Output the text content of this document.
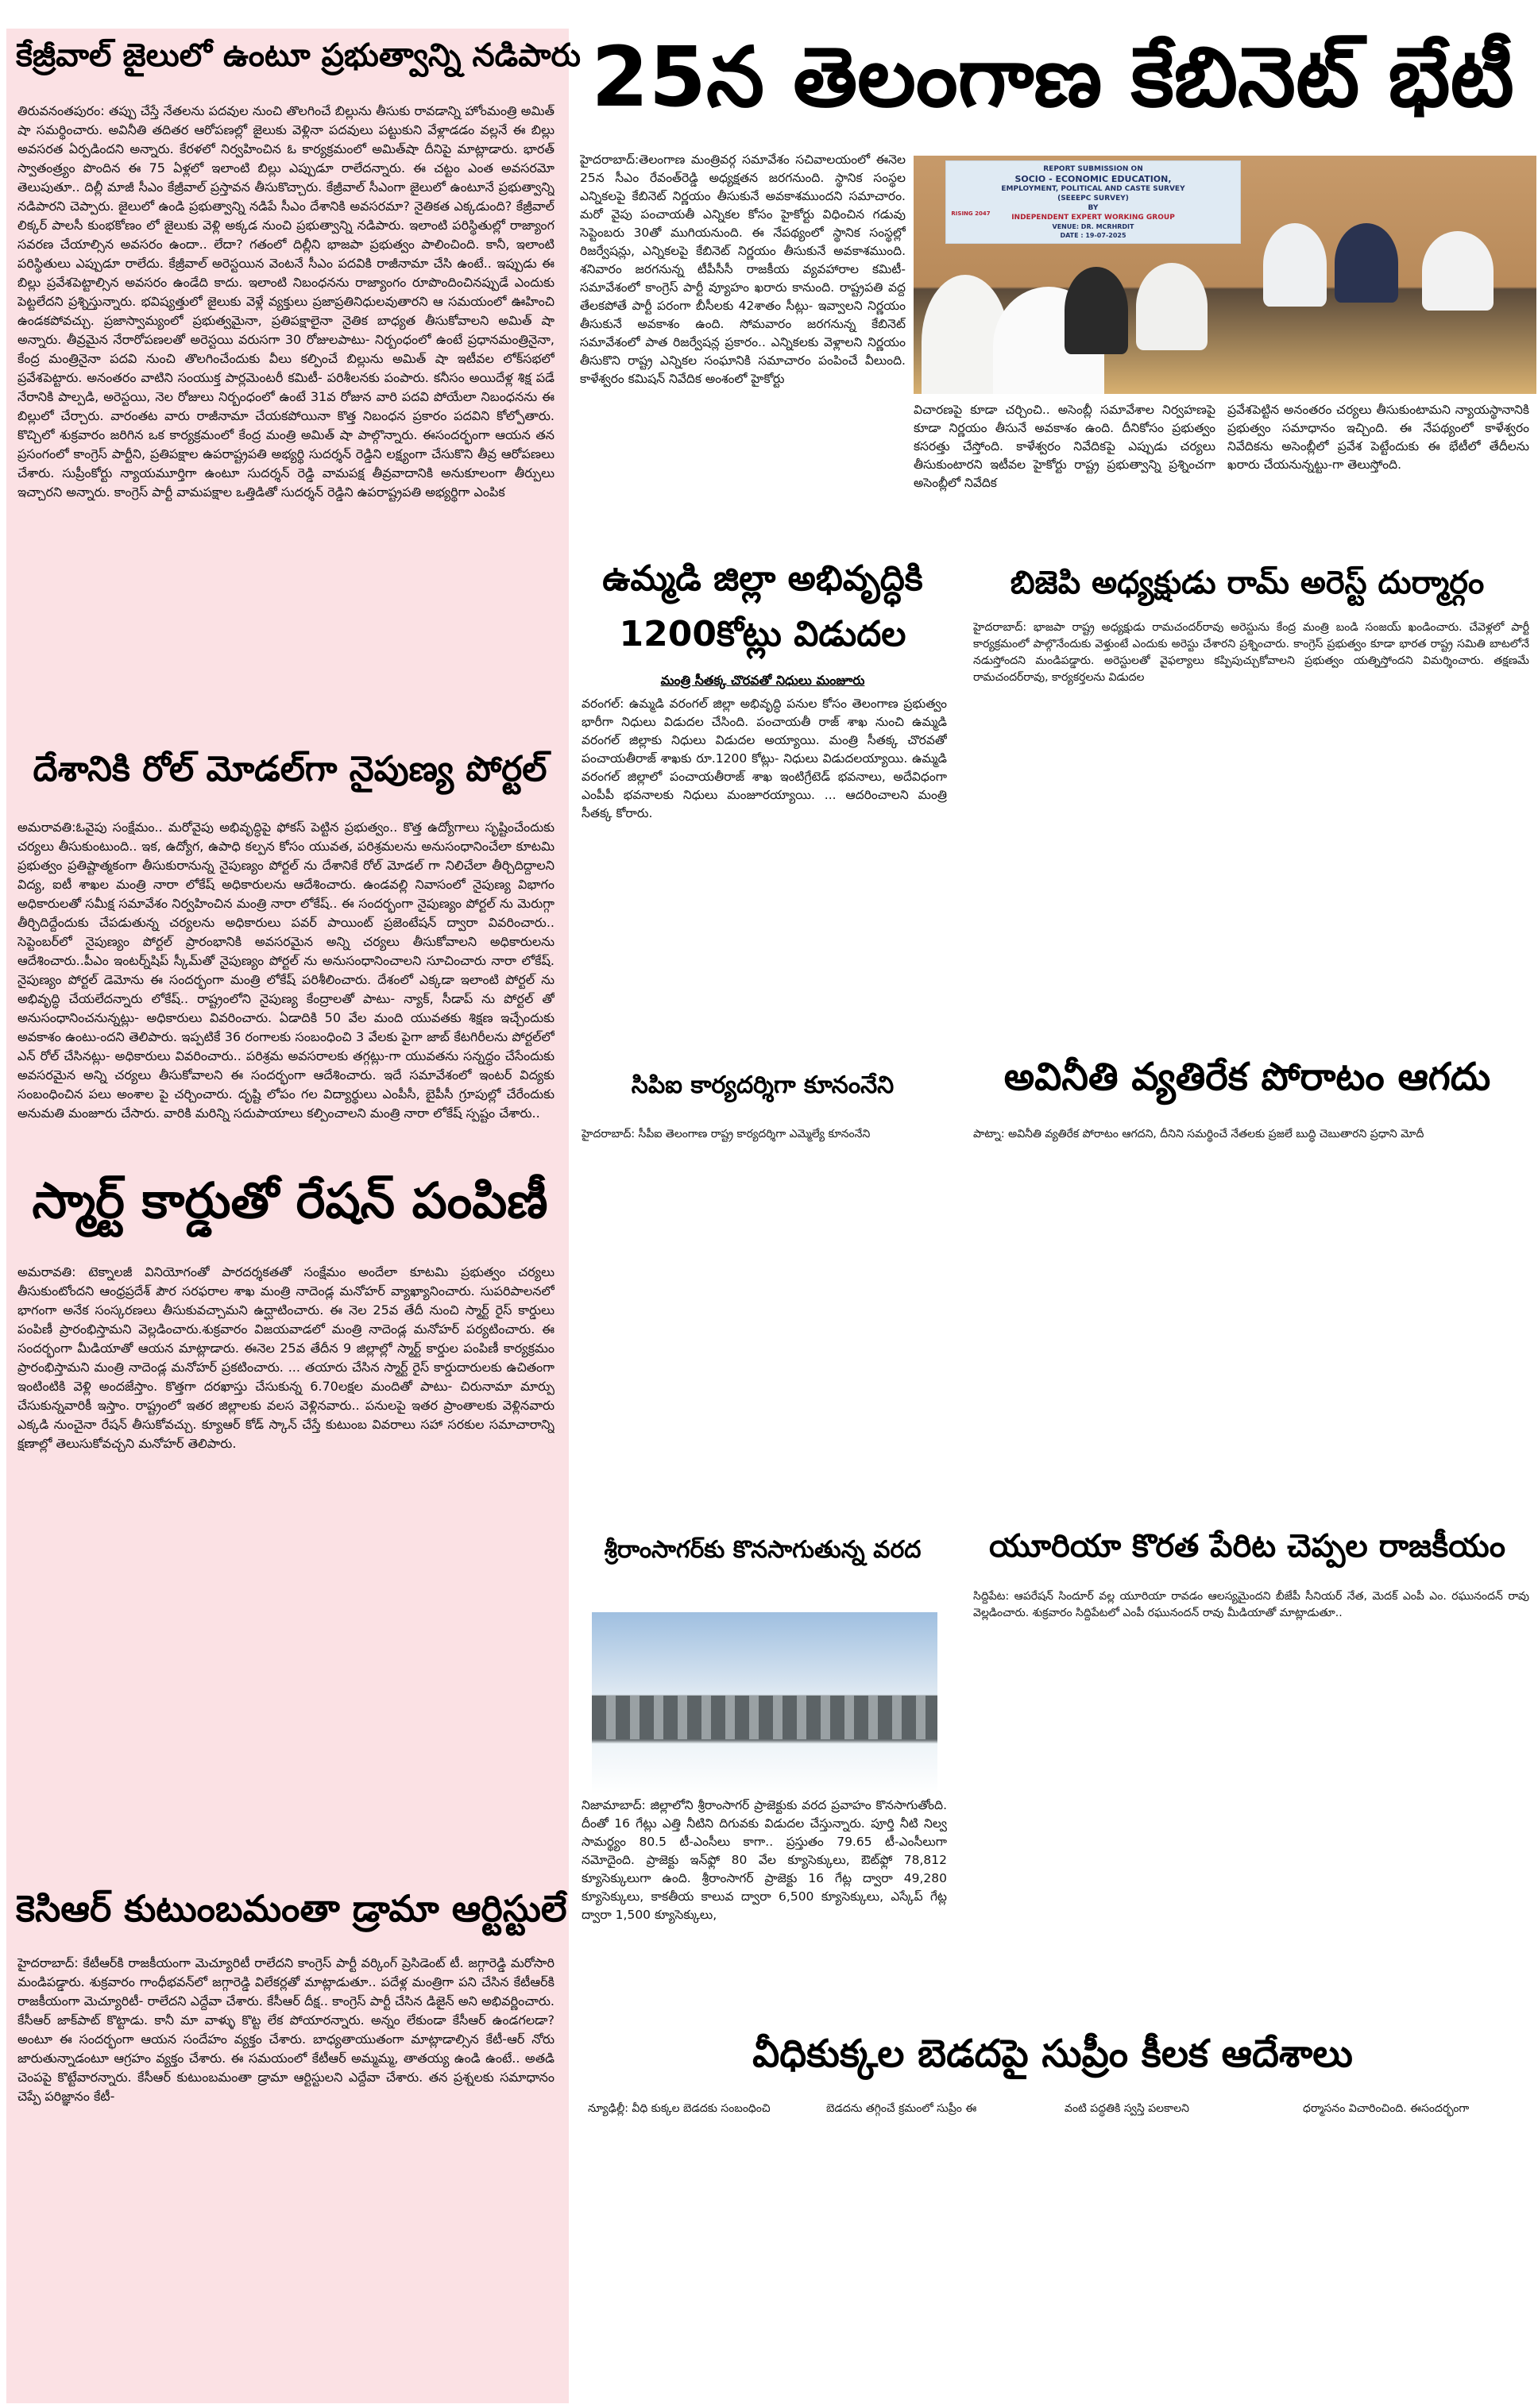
కేజ్రీవాల్ జైలులో ఉంటూ ప్రభుత్వాన్ని నడిపారు
తిరువనంతపురం: తప్పు చేస్తే నేతలను పదవుల నుంచి తొలగించే బిల్లును తీసుకు రావడాన్ని హోంమంత్రి అమిత్ షా సమర్థించారు. అవినీతి తదితర ఆరోపణల్లో జైలుకు వెళ్లినా పదవులు పట్టుకుని వేళ్లాడడం వల్లనే ఈ బిల్లు అవసరత ఏర్పడిందని అన్నారు. కేరళలో నిర్వహించిన ఓ కార్యక్రమంలో అమిత్‌షా దీనిపై మాట్లాడారు. భారత్ స్వాతంత్ర్యం పొందిన ఈ 75 ఏళ్లలో ఇలాంటి బిల్లు ఎప్పుడూ రాలేదన్నారు. ఈ చట్టం ఎంత అవసరమో తెలుపుతూ.. దిల్లీ మాజీ సీఎం కేజ్రీవాల్ ప్రస్తావన తీసుకొచ్చారు. కేజ్రీవాల్ సీఎంగా జైలులో ఉంటూనే ప్రభుత్వాన్ని నడిపారని చెప్పారు. జైలులో ఉండి ప్రభుత్వాన్ని నడిపే సీఎం దేశానికి అవసరమా? నైతికత ఎక్కడుంది? కేజ్రీవాల్ లిక్కర్ పాలసీ కుంభకోణం లో జైలుకు వెళ్లి అక్కడ నుంచి ప్రభుత్వాన్ని నడిపారు. ఇలాంటి పరిస్థితుల్లో రాజ్యాంగ సవరణ చేయాల్సిన అవసరం ఉందా.. లేదా? గతంలో దిల్లీని భాజపా ప్రభుత్వం పాలించింది. కానీ, ఇలాంటి పరిస్థితులు ఎప్పుడూ రాలేదు. కేజ్రీవాల్ అరెస్టయిన వెంటనే సీఎం పదవికి రాజీనామా చేసి ఉంటే.. ఇప్పుడు ఈ బిల్లు ప్రవేశపెట్టాల్సిన అవసరం ఉండేది కాదు. ఇలాంటి నిబంధనను రాజ్యాంగం రూపొందించినప్పుడే ఎందుకు పెట్టలేదని ప్రశ్నిస్తున్నారు. భవిష్యత్తులో జైలుకు వెళ్లే వ్యక్తులు ప్రజాప్రతినిధులవుతారని ఆ సమయంలో ఊహించి ఉండకపోవచ్చు. ప్రజాస్వామ్యంలో ప్రభుత్వమైనా, ప్రతిపక్షాలైనా నైతిక బాధ్యత తీసుకోవాలని అమిత్ షా అన్నారు. తీవ్రమైన నేరారోపణలతో అరెస్టయి వరుసగా 30 రోజులపాటు- నిర్బంధంలో ఉంటే ప్రధానమంత్రినైనా, కేంద్ర మంత్రినైనా పదవి నుంచి తొలగించేందుకు వీలు కల్పించే బిల్లును అమిత్ షా ఇటీవల లోక్‌సభలో ప్రవేశపెట్టారు. అనంతరం వాటిని సంయుక్త పార్లమెంటరీ కమిటీ- పరిశీలనకు పంపారు. కనీసం అయిదేళ్ల శిక్ష పడే నేరానికి పాల్పడి, అరెస్టయి, నెల రోజులు నిర్బంధంలో ఉంటే 31వ రోజున వారి పదవి పోయేలా నిబంధనను ఈ బిల్లులో చేర్చారు. వారంతట వారు రాజీనామా చేయకపోయినా కొత్త నిబంధన ప్రకారం పదవిని కోల్పోతారు. కొచ్చిలో శుక్రవారం జరిగిన ఒక కార్యక్రమంలో కేంద్ర మంత్రి అమిత్ షా పాల్గొన్నారు. ఈసందర్భంగా ఆయన తన ప్రసంగంలో కాంగ్రెస్ పార్టీని, ప్రతిపక్షాల ఉపరాష్ట్రపతి అభ్యర్థి సుదర్శన్ రెడ్డిని లక్ష్యంగా చేసుకొని తీవ్ర ఆరోపణలు చేశారు. సుప్రీంకోర్టు న్యాయమూర్తిగా ఉంటూ సుదర్శన్ రెడ్డి వామపక్ష తీవ్రవాదానికి అనుకూలంగా తీర్పులు ఇచ్చారని అన్నారు. కాంగ్రెస్ పార్టీ వామపక్షాల ఒత్తిడితో సుదర్శన్ రెడ్డిని ఉపరాష్ట్రపతి అభ్యర్థిగా ఎంపిక
దేశానికి రోల్ మోడల్‌గా నైపుణ్య పోర్టల్
అమరావతి:ఓవైపు సంక్షేమం.. మరోవైపు అభివృద్ధిపై ఫోకస్ పెట్టిన ప్రభుత్వం.. కొత్త ఉద్యోగాలు సృష్టించేందుకు చర్యలు తీసుకుంటుంది.. ఇక, ఉద్యోగ, ఉపాధి కల్పన కోసం యువత, పరిశ్రమలను అనుసంధానించేలా కూటమి ప్రభుత్వం ప్రతిష్టాత్మకంగా తీసుకురానున్న నైపుణ్యం పోర్టల్ ను దేశానికే రోల్ మోడల్ గా నిలిచేలా తీర్చిదిద్దాలని విద్య, ఐటీ శాఖల మంత్రి నారా లోకేష్ అధికారులను ఆదేశించారు. ఉండవల్లి నివాసంలో నైపుణ్య విభాగం అధికారులతో సమీక్ష సమావేశం నిర్వహించిన మంత్రి నారా లోకేష్.. ఈ సందర్భంగా నైపుణ్యం పోర్టల్ ను మెరుగ్గా తీర్చిదిద్దేందుకు చేపడుతున్న చర్యలను అధికారులు పవర్ పాయింట్ ప్రజెంటేషన్ ద్వారా వివరించారు.. సెప్టెంబర్‌లో నైపుణ్యం పోర్టల్ ప్రారంభానికి అవసరమైన అన్ని చర్యలు తీసుకోవాలని అధికారులను ఆదేశించారు..పీఎం ఇంటర్న్‌షిప్ స్కీమ్‌తో నైపుణ్యం పోర్టల్ ను అనుసంధానించాలని సూచించారు నారా లోకేష్. నైపుణ్యం పోర్టల్ డెమోను ఈ సందర్భంగా మంత్రి లోకేష్ పరిశీలించారు. దేశంలో ఎక్కడా ఇలాంటి పోర్టల్ ను అభివృద్ధి చేయలేదన్నారు లోకేష్.. రాష్ట్రంలోని నైపుణ్య కేంద్రాలతో పాటు- న్యాక్, సీడాప్ ను పోర్టల్ తో అనుసంధానించనున్నట్లు- అధికారులు వివరించారు. ఏడాదికి 50 వేల మంది యువతకు శిక్షణ ఇచ్చేందుకు అవకాశం ఉంటు-ందని తెలిపారు. ఇప్పటికే 36 రంగాలకు సంబంధించి 3 వేలకు పైగా జాబ్ కేటగిరీలను పోర్టల్‌లో ఎన్ రోల్ చేసినట్లు- అధికారులు వివరించారు.. పరిశ్రమ అవసరాలకు తగ్గట్లు-గా యువతను సన్నద్ధం చేసేందుకు అవసరమైన అన్ని చర్యలు తీసుకోవాలని ఈ సందర్భంగా ఆదేశించారు. ఇదే సమావేశంలో ఇంటర్ విద్యకు సంబంధించిన పలు అంశాల పై చర్చించారు. దృష్టి లోపం గల విద్యార్థులు ఎంపీసీ, బైపీసీ గ్రూపుల్లో చేరేందుకు అనుమతి మంజూరు చేసారు. వారికి మరిన్ని సదుపాయాలు కల్పించాలని మంత్రి నారా లోకేష్ స్పష్టం చేశారు..
స్మార్ట్ కార్డుతో రేషన్ పంపిణీ
అమరావతి: టెక్నాలజీ వినియోగంతో పారదర్శకతతో సంక్షేమం అందేలా కూటమి ప్రభుత్వం చర్యలు తీసుకుంటోందని ఆంధ్రప్రదేశ్ పౌర సరఫరాల శాఖ మంత్రి నాదెండ్ల మనోహర్ వ్యాఖ్యానించారు. సుపరిపాలనలో భాగంగా అనేక సంస్కరణలు తీసుకువచ్చామని ఉద్ఘాటించారు. ఈ నెల 25వ తేదీ నుంచి స్మార్ట్ రైస్ కార్డులు పంపిణీ ప్రారంభిస్తామని వెల్లడించారు.శుక్రవారం విజయవాడలో మంత్రి నాదెండ్ల మనోహర్ పర్యటించారు. ఈ సందర్భంగా మీడియాతో ఆయన మాట్లాడారు. ఈనెల 25వ తేదీన 9 జిల్లాల్లో స్మార్ట్ కార్డుల పంపిణీ కార్యక్రమం ప్రారంభిస్తామని మంత్రి నాదెండ్ల మనోహర్ ప్రకటించారు. ... తయారు చేసిన స్మార్ట్ రైస్ కార్డుదారులకు ఉచితంగా ఇంటింటికి వెళ్లి అందజేస్తాం. కొత్తగా దరఖాస్తు చేసుకున్న 6.70లక్షల మందితో పాటు- చిరునామా మార్పు చేసుకున్నవారికీ ఇస్తాం. రాష్ట్రంలో ఇతర జిల్లాలకు వలస వెళ్లినవారు.. పనులపై ఇతర ప్రాంతాలకు వెళ్లినవారు ఎక్కడి నుంచైనా రేషన్ తీసుకోవచ్చు. క్యూఆర్ కోడ్ స్కాన్ చేస్తే కుటుంబ వివరాలు సహా సరకుల సమాచారాన్ని క్షణాల్లో తెలుసుకోవచ్చని మనోహర్ తెలిపారు.
కెసిఆర్ కుటుంబమంతా డ్రామా ఆర్టిస్టులే
హైదరాబాద్: కేటీఆర్‌కి రాజకీయంగా మెచ్యూరిటీ రాలేదని కాంగ్రెస్ పార్టీ వర్కింగ్ ప్రెసిడెంట్ టీ. జగ్గారెడ్డి మరోసారి మండిపడ్డారు. శుక్రవారం గాంధీభవన్‌లో జగ్గారెడ్డి విలేకర్లతో మాట్లాడుతూ.. పదేళ్ల మంత్రిగా పని చేసిన కేటీఆర్‌కి రాజకీయంగా మెచ్యూరిటీ- రాలేదని ఎద్దేవా చేశారు. కేసీఆర్ దీక్ష.. కాంగ్రెస్ పార్టీ చేసిన డిజైన్ అని అభివర్ణించారు. కేసీఆర్ జాక్‌పాట్ కొట్టాడు. కానీ మా వాళ్ళు కొట్ట లేక పోయారన్నారు. అన్నం లేకుండా కేసీఆర్ ఉండగలడా? అంటూ ఈ సందర్భంగా ఆయన సందేహం వ్యక్తం చేశారు. బాధ్యతాయుతంగా మాట్లాడాల్సిన కేటీ-ఆర్ నోరు జారుతున్నాడంటూ ఆగ్రహం వ్యక్తం చేశారు. ఈ సమయంలో కేటీఆర్ అమ్మమ్మ, తాతయ్య ఉండి ఉంటే.. అతడి చెంపపై కొట్టేవారన్నారు. కేసీఆర్ కుటుంబమంతా డ్రామా ఆర్టిస్టులని ఎద్దేవా చేశారు. తన ప్రశ్నలకు సమాధానం చెప్పే పరిజ్ఞానం కేటీ-
25న తెలంగాణ కేబినెట్ భేటీ
హైదరాబాద్:తెలంగాణ మంత్రివర్గ సమావేశం సచివాలయంలో ఈనెల 25న సీఎం రేవంత్‌రెడ్డి అధ్యక్షతన జరగనుంది. స్థానిక సంస్థల ఎన్నికలపై కేబినెట్ నిర్ణయం తీసుకునే అవకాశముందని సమాచారం. మరో వైపు పంచాయతీ ఎన్నికల కోసం హైకోర్టు విధించిన గడువు సెప్టెంబరు 30తో ముగియనుంది. ఈ నేపథ్యంలో స్థానిక సంస్థల్లో రిజర్వేషన్లు, ఎన్నికలపై కేబినెట్ నిర్ణయం తీసుకునే అవకాశముంది. శనివారం జరగనున్న టీపీసీసీ రాజకీయ వ్యవహారాల కమిటీ- సమావేశంలో కాంగ్రెస్ పార్టీ వ్యూహం ఖరారు కానుంది. రాష్ట్రపతి వద్ద తేలకపోతే పార్టీ పరంగా బీసీలకు 42శాతం సీట్లు- ఇవ్వాలని నిర్ణయం తీసుకునే అవకాశం ఉంది. సోమవారం జరగనున్న కేబినెట్ సమావేశంలో పాత రిజర్వేషన్ల ప్రకారం.. ఎన్నికలకు వెళ్లాలని నిర్ణయం తీసుకొని రాష్ట్ర ఎన్నికల సంఘానికి సమాచారం పంపించే వీలుంది. కాళేశ్వరం కమిషన్ నివేదిక అంశంలో హైకోర్టు
REPORT SUBMISSION ON
SOCIO - ECONOMIC EDUCATION,
EMPLOYMENT, POLITICAL AND CASTE SURVEY
(SEEEPC SURVEY)
BY
INDEPENDENT EXPERT WORKING GROUP
VENUE: DR. MCRHRDIT
DATE : 19-07-2025
RISING 2047
విచారణపై కూడా చర్చించి.. అసెంబ్లీ సమావేశాల నిర్వహణపై కూడా నిర్ణయం తీసునే అవకాశం ఉంది. దీనికోసం ప్రభుత్వం కసరత్తు చేస్తోంది. కాళేశ్వరం నివేదికపై ఎప్పుడు చర్యలు తీసుకుంటారని ఇటీవల హైకోర్టు రాష్ట్ర ప్రభుత్వాన్ని ప్రశ్నించగా అసెంబ్లీలో నివేదిక
ప్రవేశపెట్టిన అనంతరం చర్యలు తీసుకుంటామని న్యాయస్థానానికి ప్రభుత్వం సమాధానం ఇచ్చింది. ఈ నేపథ్యంలో కాళేశ్వరం నివేదికను అసెంబ్లీలో ప్రవేశ పెట్టేందుకు ఈ భేటీలో తేదీలను ఖరారు చేయనున్నట్టు-గా తెలుస్తోంది.
ఉమ్మడి జిల్లా అభివృద్ధికి
1200కోట్లు విడుదల
మంత్రి సీతక్క చొరవతో నిధులు మంజూరు
వరంగల్: ఉమ్మడి వరంగల్ జిల్లా అభివృద్ధి పనుల కోసం తెలంగాణ ప్రభుత్వం భారీగా నిధులు విడుదల చేసింది. పంచాయతీ రాజ్ శాఖ నుంచి ఉమ్మడి వరంగల్ జిల్లాకు నిధులు విడుదల అయ్యాయి. మంత్రి సీతక్క చొరవతో పంచాయతీరాజ్ శాఖకు రూ.1200 కోట్లు- నిధులు విడుదలయ్యాయి. ఉమ్మడి వరంగల్ జిల్లాలో పంచాయతీరాజ్ శాఖ ఇంటిగ్రేటెడ్ భవనాలు, అదేవిధంగా ఎంపీపీ భవనాలకు నిధులు మంజూరయ్యాయి. ... ఆదరించాలని మంత్రి సీతక్క కోరారు.
బిజెపి అధ్యక్షుడు రామ్ అరెస్ట్ దుర్మార్గం
హైదరాబాద్: భాజపా రాష్ట్ర అధ్యక్షుడు రామచందర్‌రావు అరెస్టును కేంద్ర మంత్రి బండి సంజయ్ ఖండించారు. చేవెళ్లలో పార్టీ కార్యక్రమంలో పాల్గొనేందుకు వెళ్తుంటే ఎందుకు అరెస్టు చేశారని ప్రశ్నించారు. కాంగ్రెస్ ప్రభుత్వం కూడా భారత రాష్ట్ర సమితి బాటలోనే నడుస్తోందని మండిపడ్డారు. అరెస్టులతో వైఫల్యాలు కప్పిపుచ్చుకోవాలని ప్రభుత్వం యత్నిస్తోందని విమర్శించారు. తక్షణమే రామచందర్‌రావు, కార్యకర్తలను విడుదల
సిపిఐ కార్యదర్శిగా కూనంనేని
హైదరాబాద్: సీపీఐ తెలంగాణ రాష్ట్ర కార్యదర్శిగా ఎమ్మెల్యే కూనంనేని
అవినీతి వ్యతిరేక పోరాటం ఆగదు
పాట్నా: అవినీతి వ్యతిరేక పోరాటం ఆగదని, దీనిని సమర్థించే నేతలకు ప్రజలే బుద్ధి చెబుతారని ప్రధాని మోదీ
శ్రీరాంసాగర్‌కు కొనసాగుతున్న వరద
నిజామాబాద్: జిల్లాలోని శ్రీరాంసాగర్ ప్రాజెక్టుకు వరద ప్రవాహం కొనసాగుతోంది. దీంతో 16 గేట్లు ఎత్తి నీటిని దిగువకు విడుదల చేస్తున్నారు. పూర్తి నీటి నిల్వ సామర్థ్యం 80.5 టీ-ఎంసీలు కాగా.. ప్రస్తుతం 79.65 టీ-ఎంసీలుగా నమోదైంది. ప్రాజెక్టు ఇన్‌ఫ్లో 80 వేల క్యూసెక్కులు, ఔట్‌ఫ్లో 78,812 క్యూసెక్కులుగా ఉంది. శ్రీరాంసాగర్ ప్రాజెక్టు 16 గేట్ల ద్వారా 49,280 క్యూసెక్కులు, కాకతీయ కాలువ ద్వారా 6,500 క్యూసెక్కులు, ఎస్కేప్ గేట్ల ద్వారా 1,500 క్యూసెక్కులు,
యూరియా కొరత పేరిట చెప్పల రాజకీయం
సిద్దిపేట: ఆపరేషన్ సిందూర్ వల్ల యూరియా రావడం ఆలస్యమైందని బీజేపీ సీనియర్ నేత, మెదక్ ఎంపీ ఎం. రఘునందన్ రావు వెల్లడించారు. శుక్రవారం సిద్దిపేటలో ఎంపీ రఘునందన్ రావు మీడియాతో మాట్లాడుతూ..
వీధికుక్కల బెడదపై సుప్రీం కీలక ఆదేశాలు
న్యూఢిల్లీ: వీధి కుక్కల బెడదకు సంబంధించి	బెడదను తగ్గించే క్రమంలో సుప్రీం ఈ	వంటి పద్ధతికి స్వస్తి పలకాలని	ధర్మాసనం విచారించింది. ఈసందర్భంగా
